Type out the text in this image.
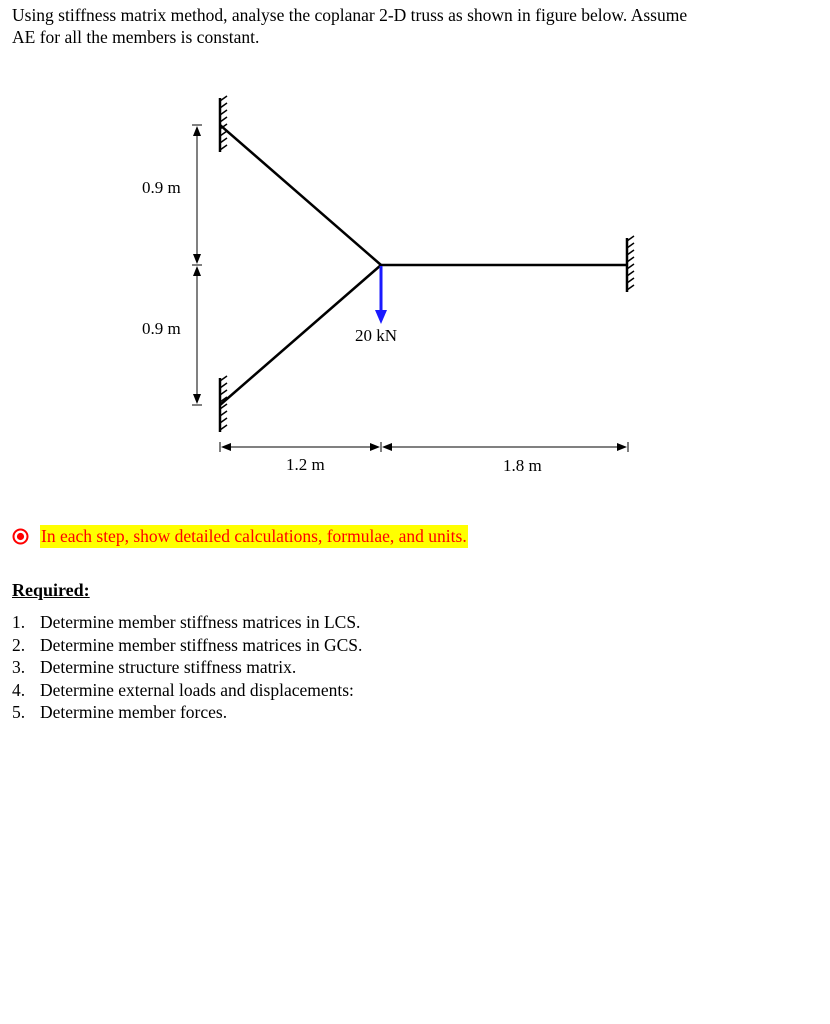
Using stiffness matrix method, analyse the coplanar 2-D truss as shown in figure below. Assume

AE for all the members is constant.

0.9 m
0.9 m	20 kN
1.2 m	1.8 m
In each step, show detailed calculations, formulae, and units.
Required:
1. Determine member stiffness matrices in LCS.
2. Determine member stiffness matrices in GCS.
3. Determine structure stiffness matrix.
4. Determine external loads and displacements:
5. Determine member forces.
